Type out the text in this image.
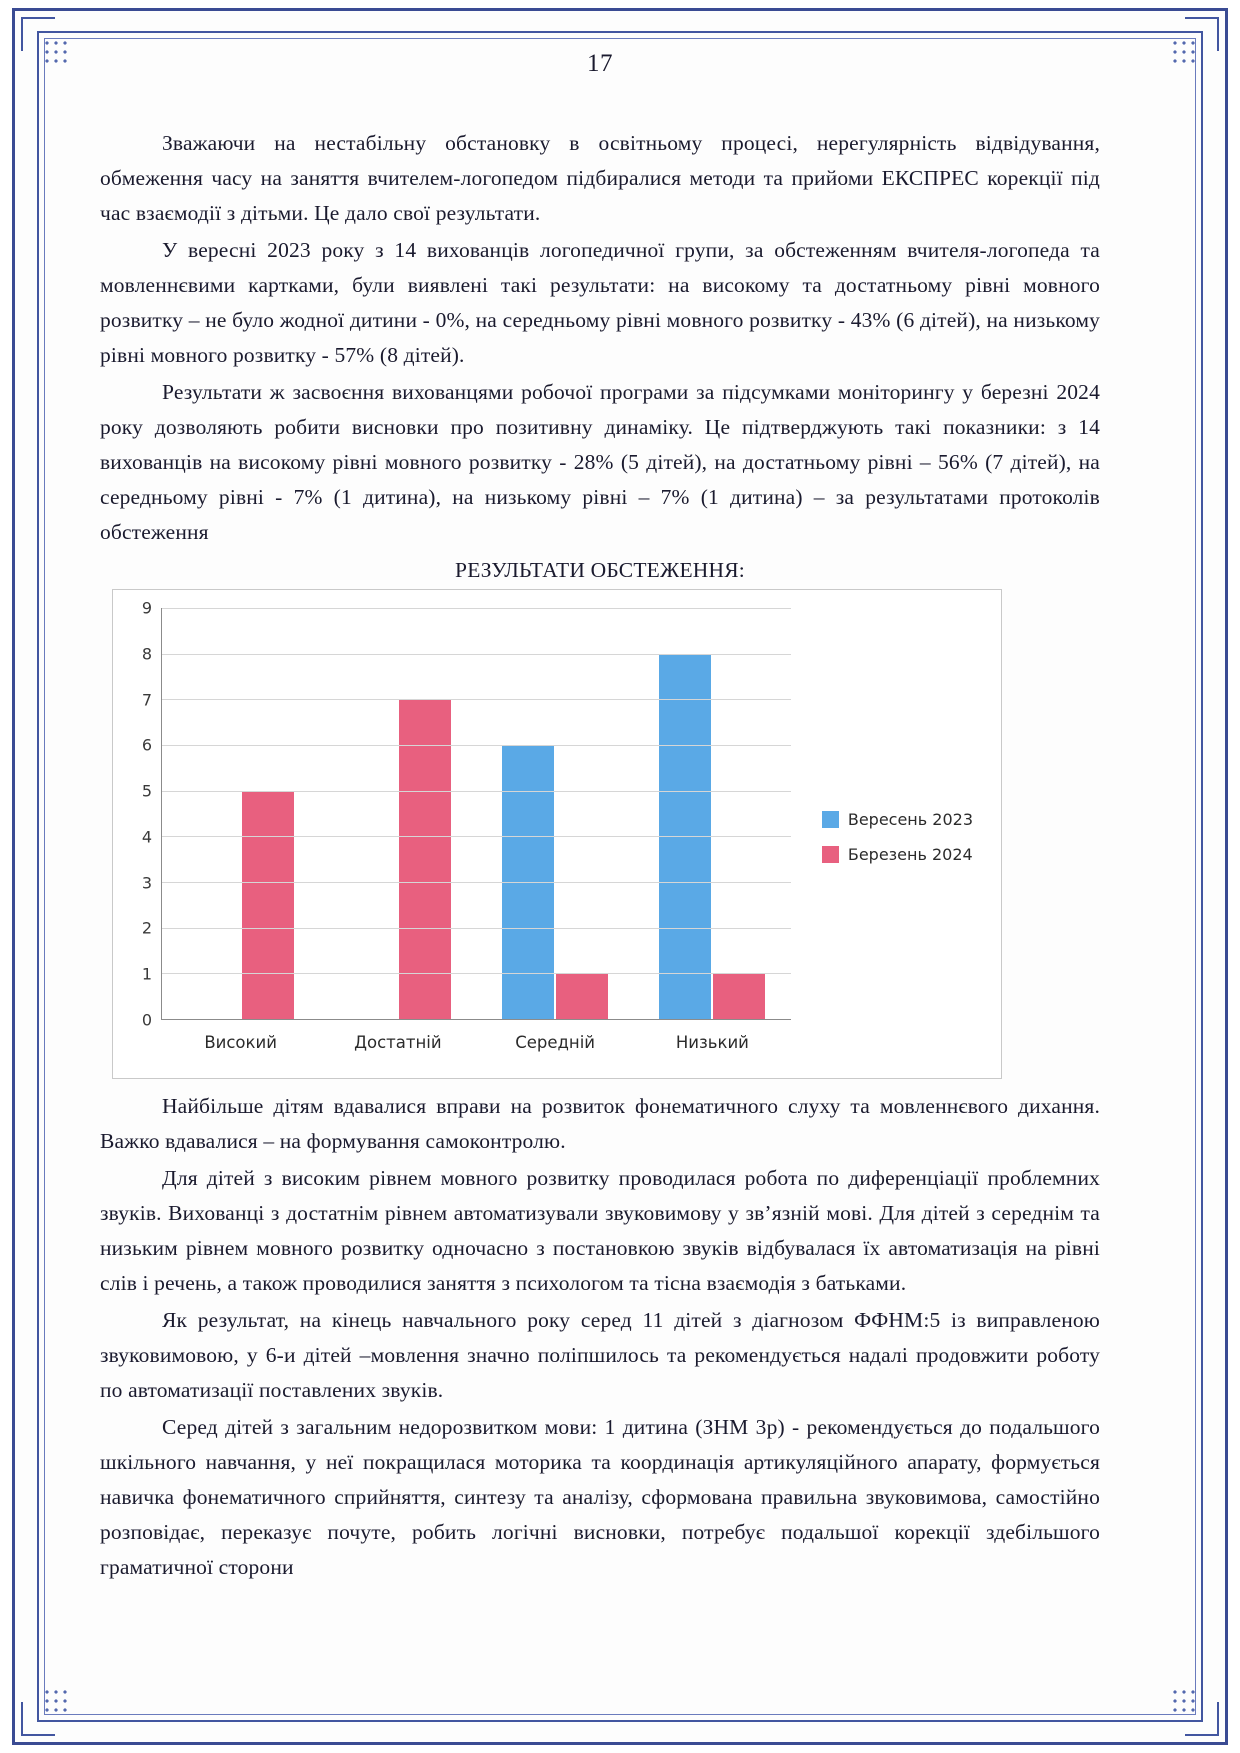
17

Зважаючи на нестабільну обстановку в освітньому процесі, нерегулярність відвідування, обмеження часу на заняття вчителем-логопедом підбиралися методи та прийоми ЕКСПРЕС корекції під час взаємодії з дітьми. Це дало свої результати.

У вересні 2023 року з 14 вихованців логопедичної групи, за обстеженням вчителя-логопеда та мовленнєвими картками, були виявлені такі результати: на високому та достатньому рівні мовного розвитку – не було жодної дитини - 0%, на середньому рівні мовного розвитку - 43% (6 дітей), на низькому рівні мовного розвитку - 57% (8 дітей).

Результати ж засвоєння вихованцями робочої програми за підсумками моніторингу у березні 2024 року дозволяють робити висновки про позитивну динаміку. Це підтверджують такі показники: з 14 вихованців на високому рівні мовного розвитку - 28% (5 дітей), на достатньому рівні – 56% (7 дітей), на середньому рівні - 7% (1 дитина), на низькому рівні – 7% (1 дитина) – за результатами протоколів обстеження

РЕЗУЛЬТАТИ ОБСТЕЖЕННЯ:
Високий	Достатній	Середній	Низький
0
1
2
3
4
5
6
7
8
9
Вересень 2023
Березень 2024

Найбільше дітям вдавалися вправи на розвиток фонематичного слуху та мовленнєвого дихання. Важко вдавалися – на формування самоконтролю.

Для дітей з високим рівнем мовного розвитку проводилася робота по диференціації проблемних звуків. Вихованці з достатнім рівнем автоматизували звуковимову у зв’язній мові. Для дітей з середнім та низьким рівнем мовного розвитку одночасно з постановкою звуків відбувалася їх автоматизація на рівні слів і речень, а також проводилися заняття з психологом та тісна взаємодія з батьками.

Як результат, на кінець навчального року серед 11 дітей з діагнозом ФФНМ:5 із виправленою звуковимовою, у 6-и дітей –мовлення значно поліпшилось та рекомендується надалі продовжити роботу по автоматизації поставлених звуків.

Серед дітей з загальним недорозвитком мови: 1 дитина (ЗНМ 3р) - рекомендується до подальшого шкільного навчання, у неї покращилася моторика та координація артикуляційного апарату, формується навичка фонематичного сприйняття, синтезу та аналізу, сформована правильна звуковимова, самостійно розповідає, переказує почуте, робить логічні висновки, потребує подальшої корекції здебільшого граматичної сторони
